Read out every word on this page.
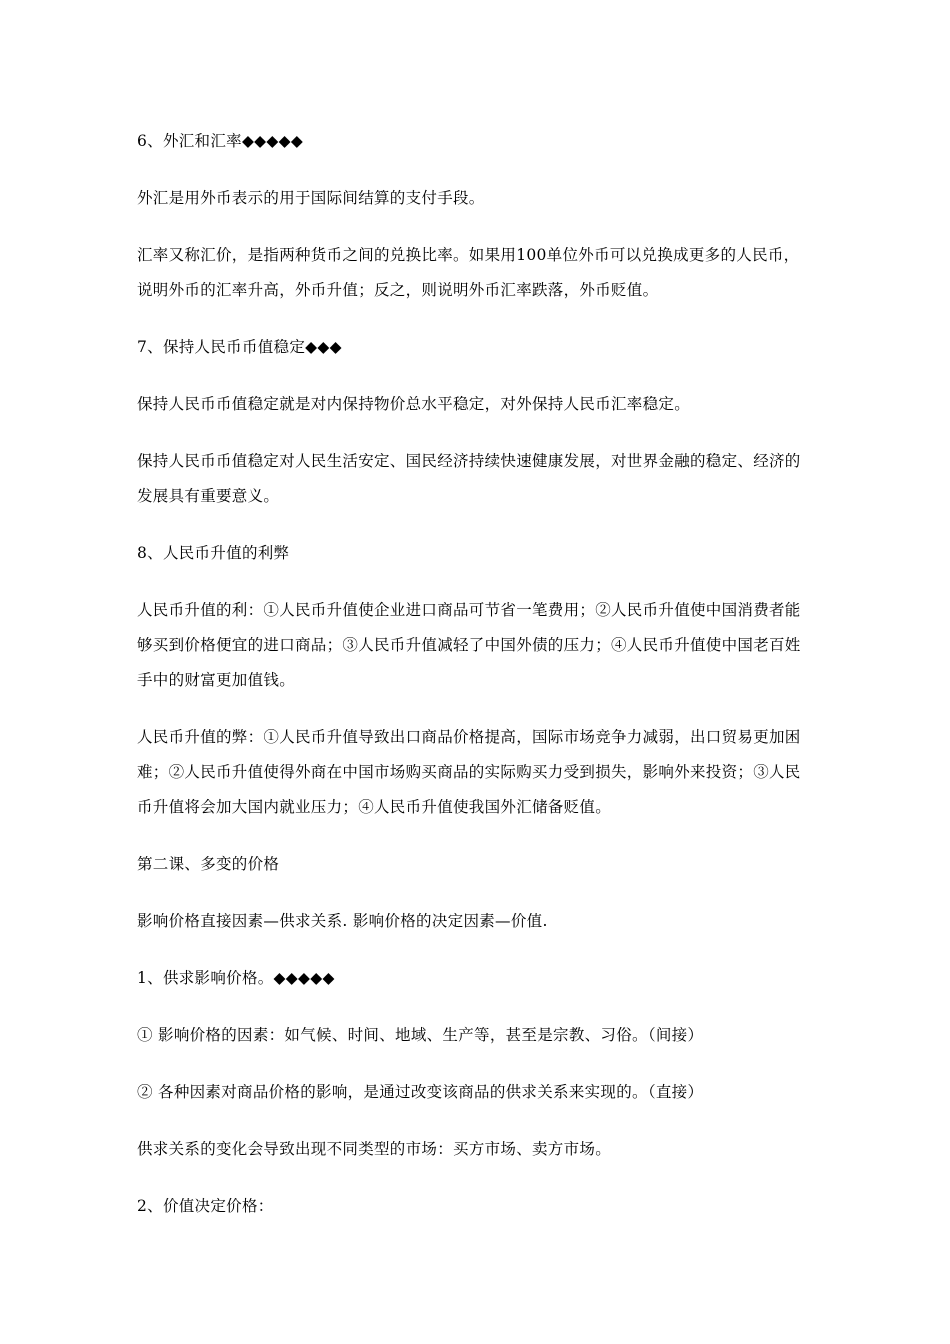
6、外汇和汇率◆◆◆◆◆

外汇是用外币表示的用于国际间结算的支付手段。

汇率又称汇价，是指两种货币之间的兑换比率。如果用100单位外币可以兑换成更多的人民币，说明外币的汇率升高，外币升值；反之，则说明外币汇率跌落，外币贬值。

7、保持人民币币值稳定◆◆◆

保持人民币币值稳定就是对内保持物价总水平稳定，对外保持人民币汇率稳定。

保持人民币币值稳定对人民生活安定、国民经济持续快速健康发展，对世界金融的稳定、经济的发展具有重要意义。

8、人民币升值的利弊

人民币升值的利：①人民币升值使企业进口商品可节省一笔费用；②人民币升值使中国消费者能够买到价格便宜的进口商品；③人民币升值减轻了中国外债的压力；④人民币升值使中国老百姓手中的财富更加值钱。

人民币升值的弊：①人民币升值导致出口商品价格提高，国际市场竞争力减弱，出口贸易更加困难；②人民币升值使得外商在中国市场购买商品的实际购买力受到损失，影响外来投资；③人民币升值将会加大国内就业压力；④人民币升值使我国外汇储备贬值。

第二课、多变的价格

影响价格直接因素—供求关系. 影响价格的决定因素—价值.

1、供求影响价格。◆◆◆◆◆

① 影响价格的因素：如气候、时间、地域、生产等，甚至是宗教、习俗。（间接）

② 各种因素对商品价格的影响，是通过改变该商品的供求关系来实现的。（直接）

供求关系的变化会导致出现不同类型的市场：买方市场、卖方市场。

2、价值决定价格：
